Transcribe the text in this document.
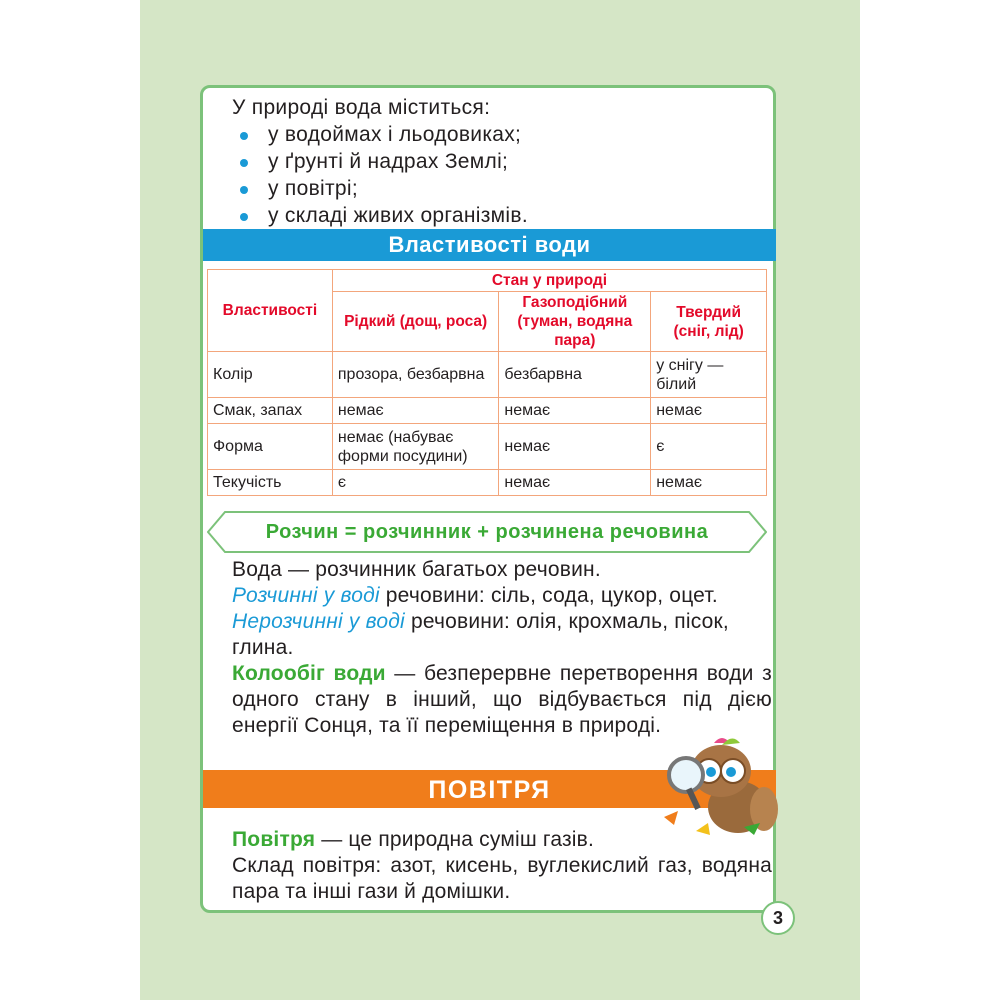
У природі вода міститься:
у водоймах і льодовиках;
у ґрунті й надрах Землі;
у повітрі;
у складі живих організмів.
Властивості води
Властивості	Стан у природі		
	Рідкий (дощ, роса)	Газоподібний (туман, водяна пара)	Твердий (сніг, лід)
Колір	прозора, безбарвна	безбарвна	у снігу — білий
Смак, запах	немає	немає	немає
Форма	немає (набуває форми посудини)	немає	є
Текучість	є	немає	немає
Розчин = розчинник + розчинена речовина
Вода — розчинник багатьох речовин.
Розчинні у воді речовини: сіль, сода, цукор, оцет.
Нерозчинні у воді речовини: олія, крохмаль, пісок, глина.
Колообіг води — безперервне перетворення води з одного стану в інший, що відбувається під дією енергії Сонця, та її переміщення в природі.
ПОВІТРЯ
Повітря — це природна суміш газів.
Склад повітря: азот, кисень, вуглекислий газ, водяна пара та інші гази й домішки.
3
